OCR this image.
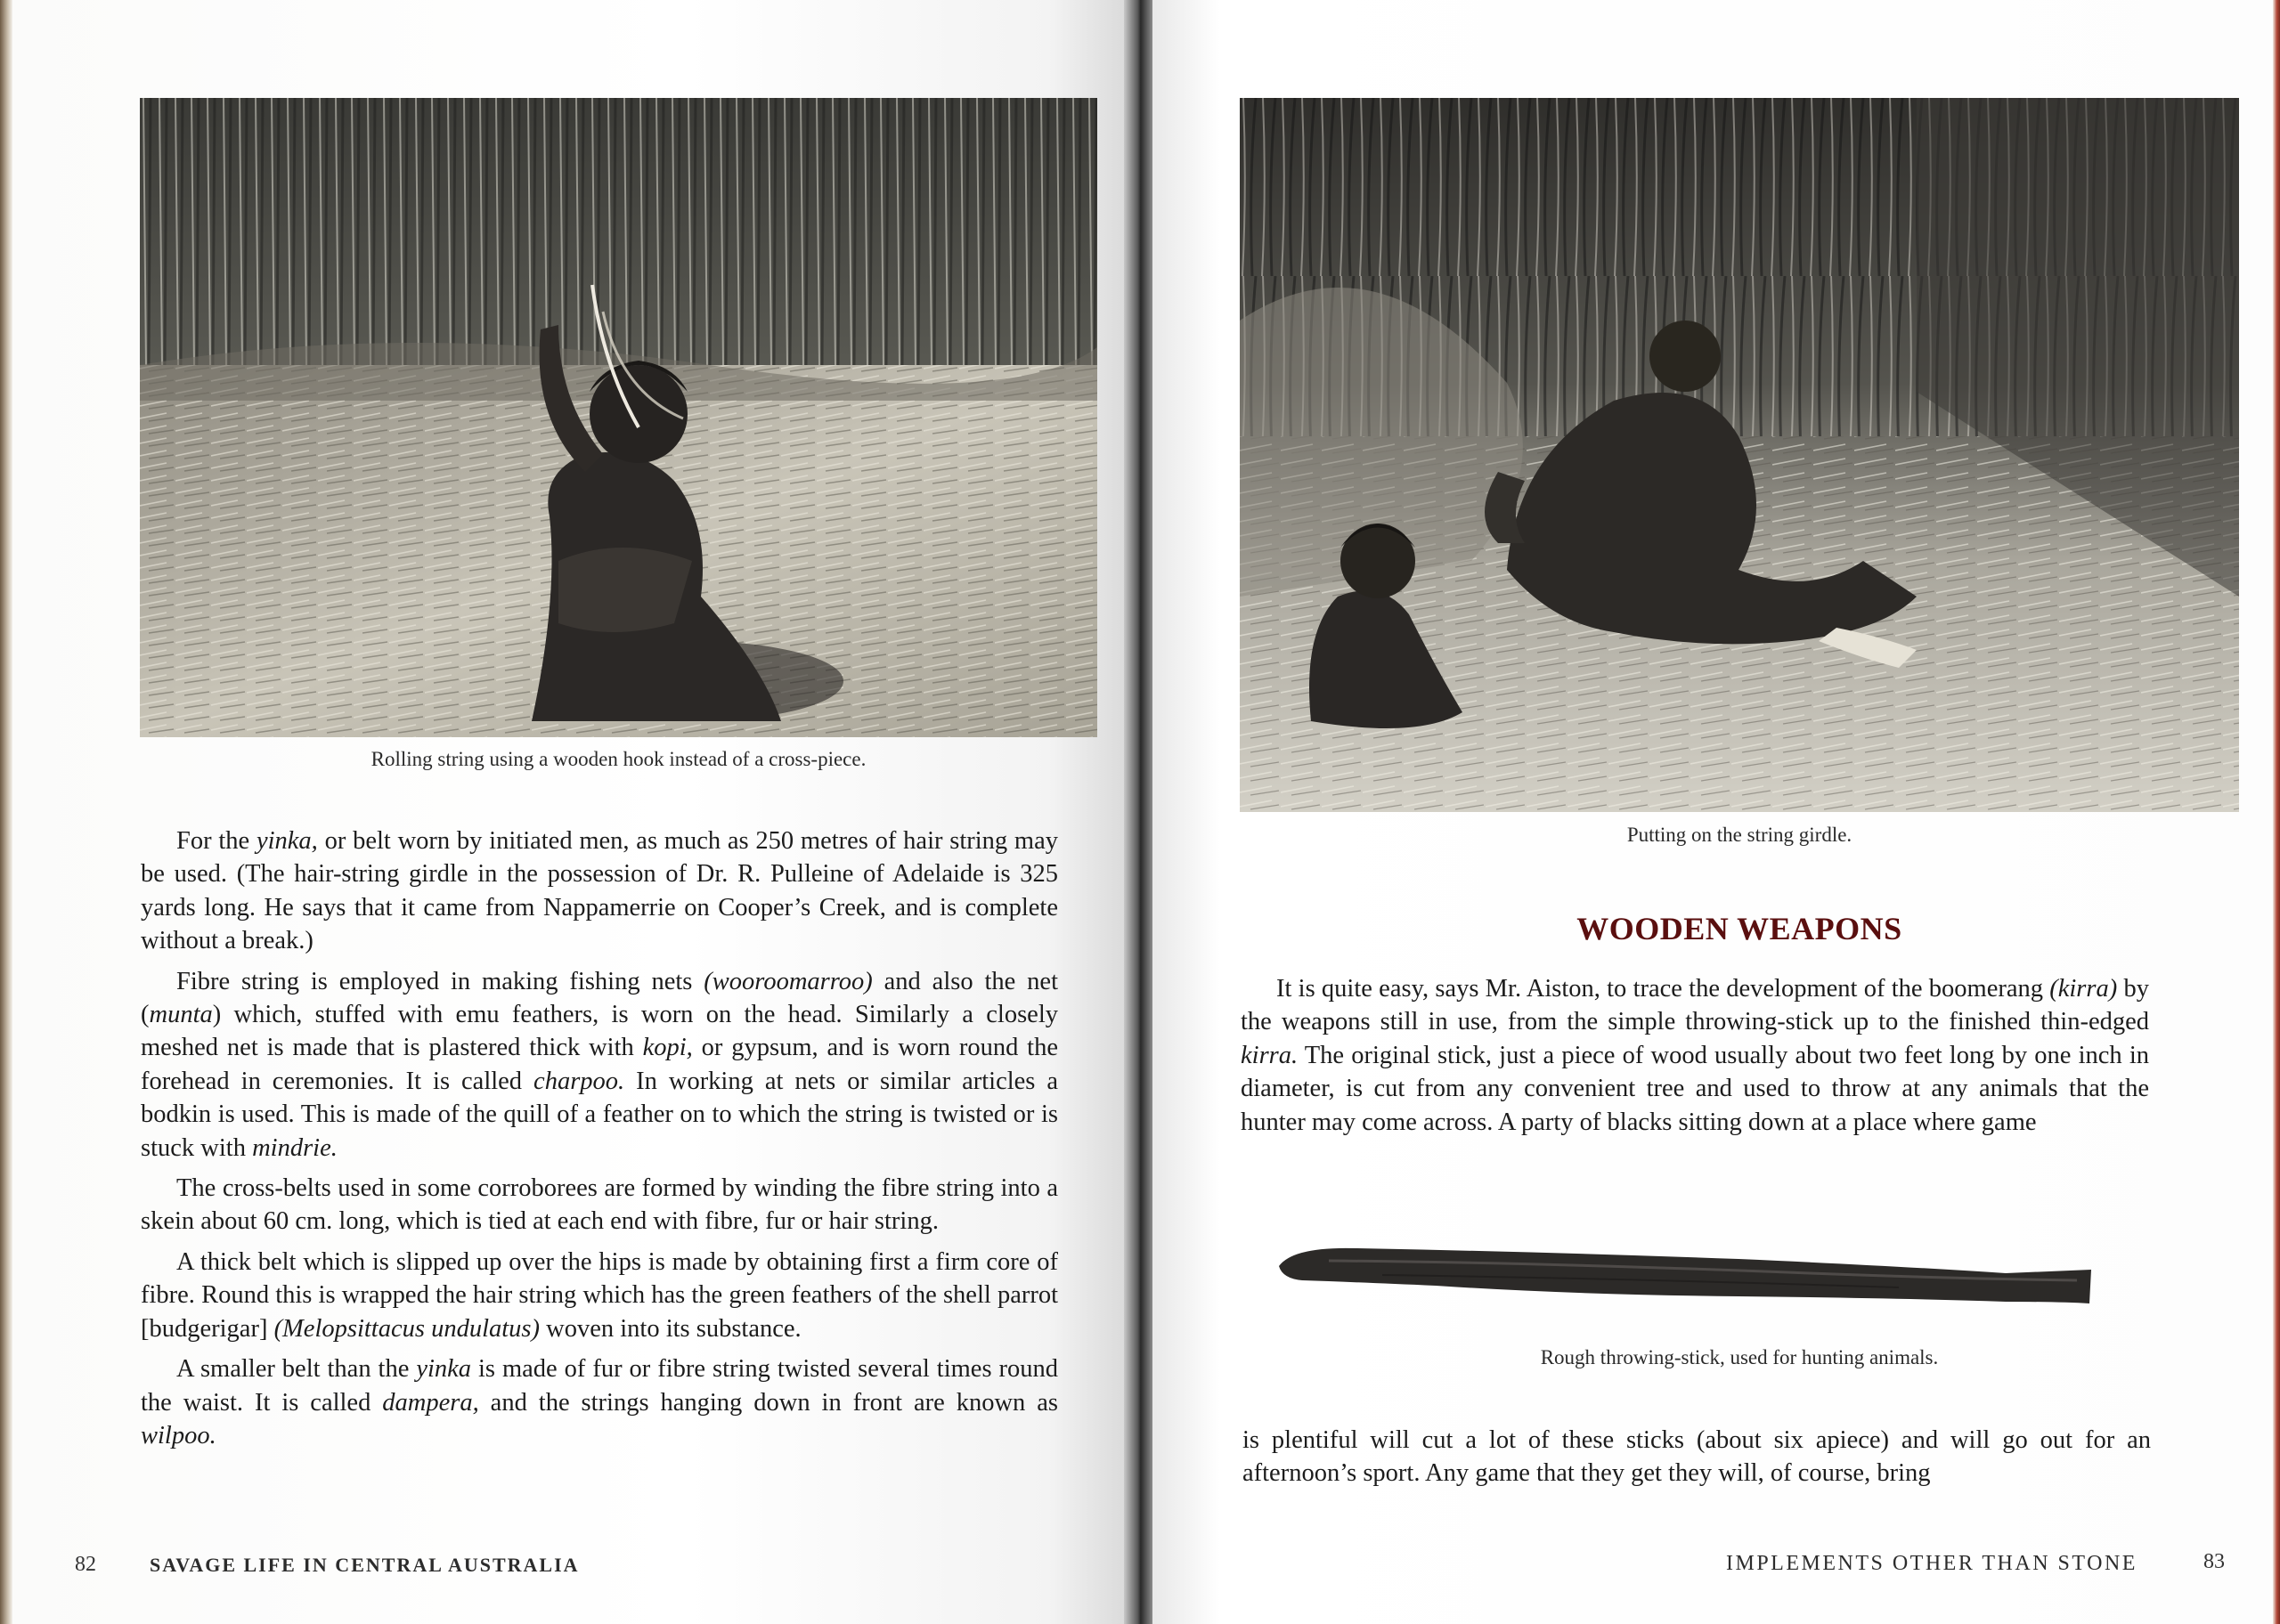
Rolling string using a wooden hook instead of a cross-piece.

For the yinka, or belt worn by initiated men, as much as 250 metres of hair string may be used. (The hair-string girdle in the possession of Dr. R. Pulleine of Adelaide is 325 yards long. He says that it came from Nappamerrie on Cooper’s Creek, and is complete without a break.)

Fibre string is employed in making fishing nets (wooroomarroo) and also the net (munta) which, stuffed with emu feathers, is worn on the head. Similarly a closely meshed net is made that is plastered thick with kopi, or gypsum, and is worn round the forehead in ceremonies. It is called charpoo. In working at nets or similar articles a bodkin is used. This is made of the quill of a feather on to which the string is twisted or is stuck with mindrie.

The cross-belts used in some corroborees are formed by winding the fibre string into a skein about 60 cm. long, which is tied at each end with fibre, fur or hair string.

A thick belt which is slipped up over the hips is made by obtaining first a firm core of fibre. Round this is wrapped the hair string which has the green feathers of the shell parrot [budgerigar] (Melopsittacus undulatus) woven into its substance.

A smaller belt than the yinka is made of fur or fibre string twisted several times round the waist. It is called dampera, and the strings hanging down in front are known as wilpoo.

82	SAVAGE LIFE IN CENTRAL AUSTRALIA
Putting on the string girdle.
WOODEN WEAPONS

It is quite easy, says Mr. Aiston, to trace the development of the boomerang (kirra) by the weapons still in use, from the simple throwing-stick up to the finished thin-edged kirra. The original stick, just a piece of wood usually about two feet long by one inch in diameter, is cut from any convenient tree and used to throw at any animals that the hunter may come across. A party of blacks sitting down at a place where game

Rough throwing-stick, used for hunting animals.

is plentiful will cut a lot of these sticks (about six apiece) and will go out for an afternoon’s sport. Any game that they get they will, of course, bring

IMPLEMENTS OTHER THAN STONE	83
